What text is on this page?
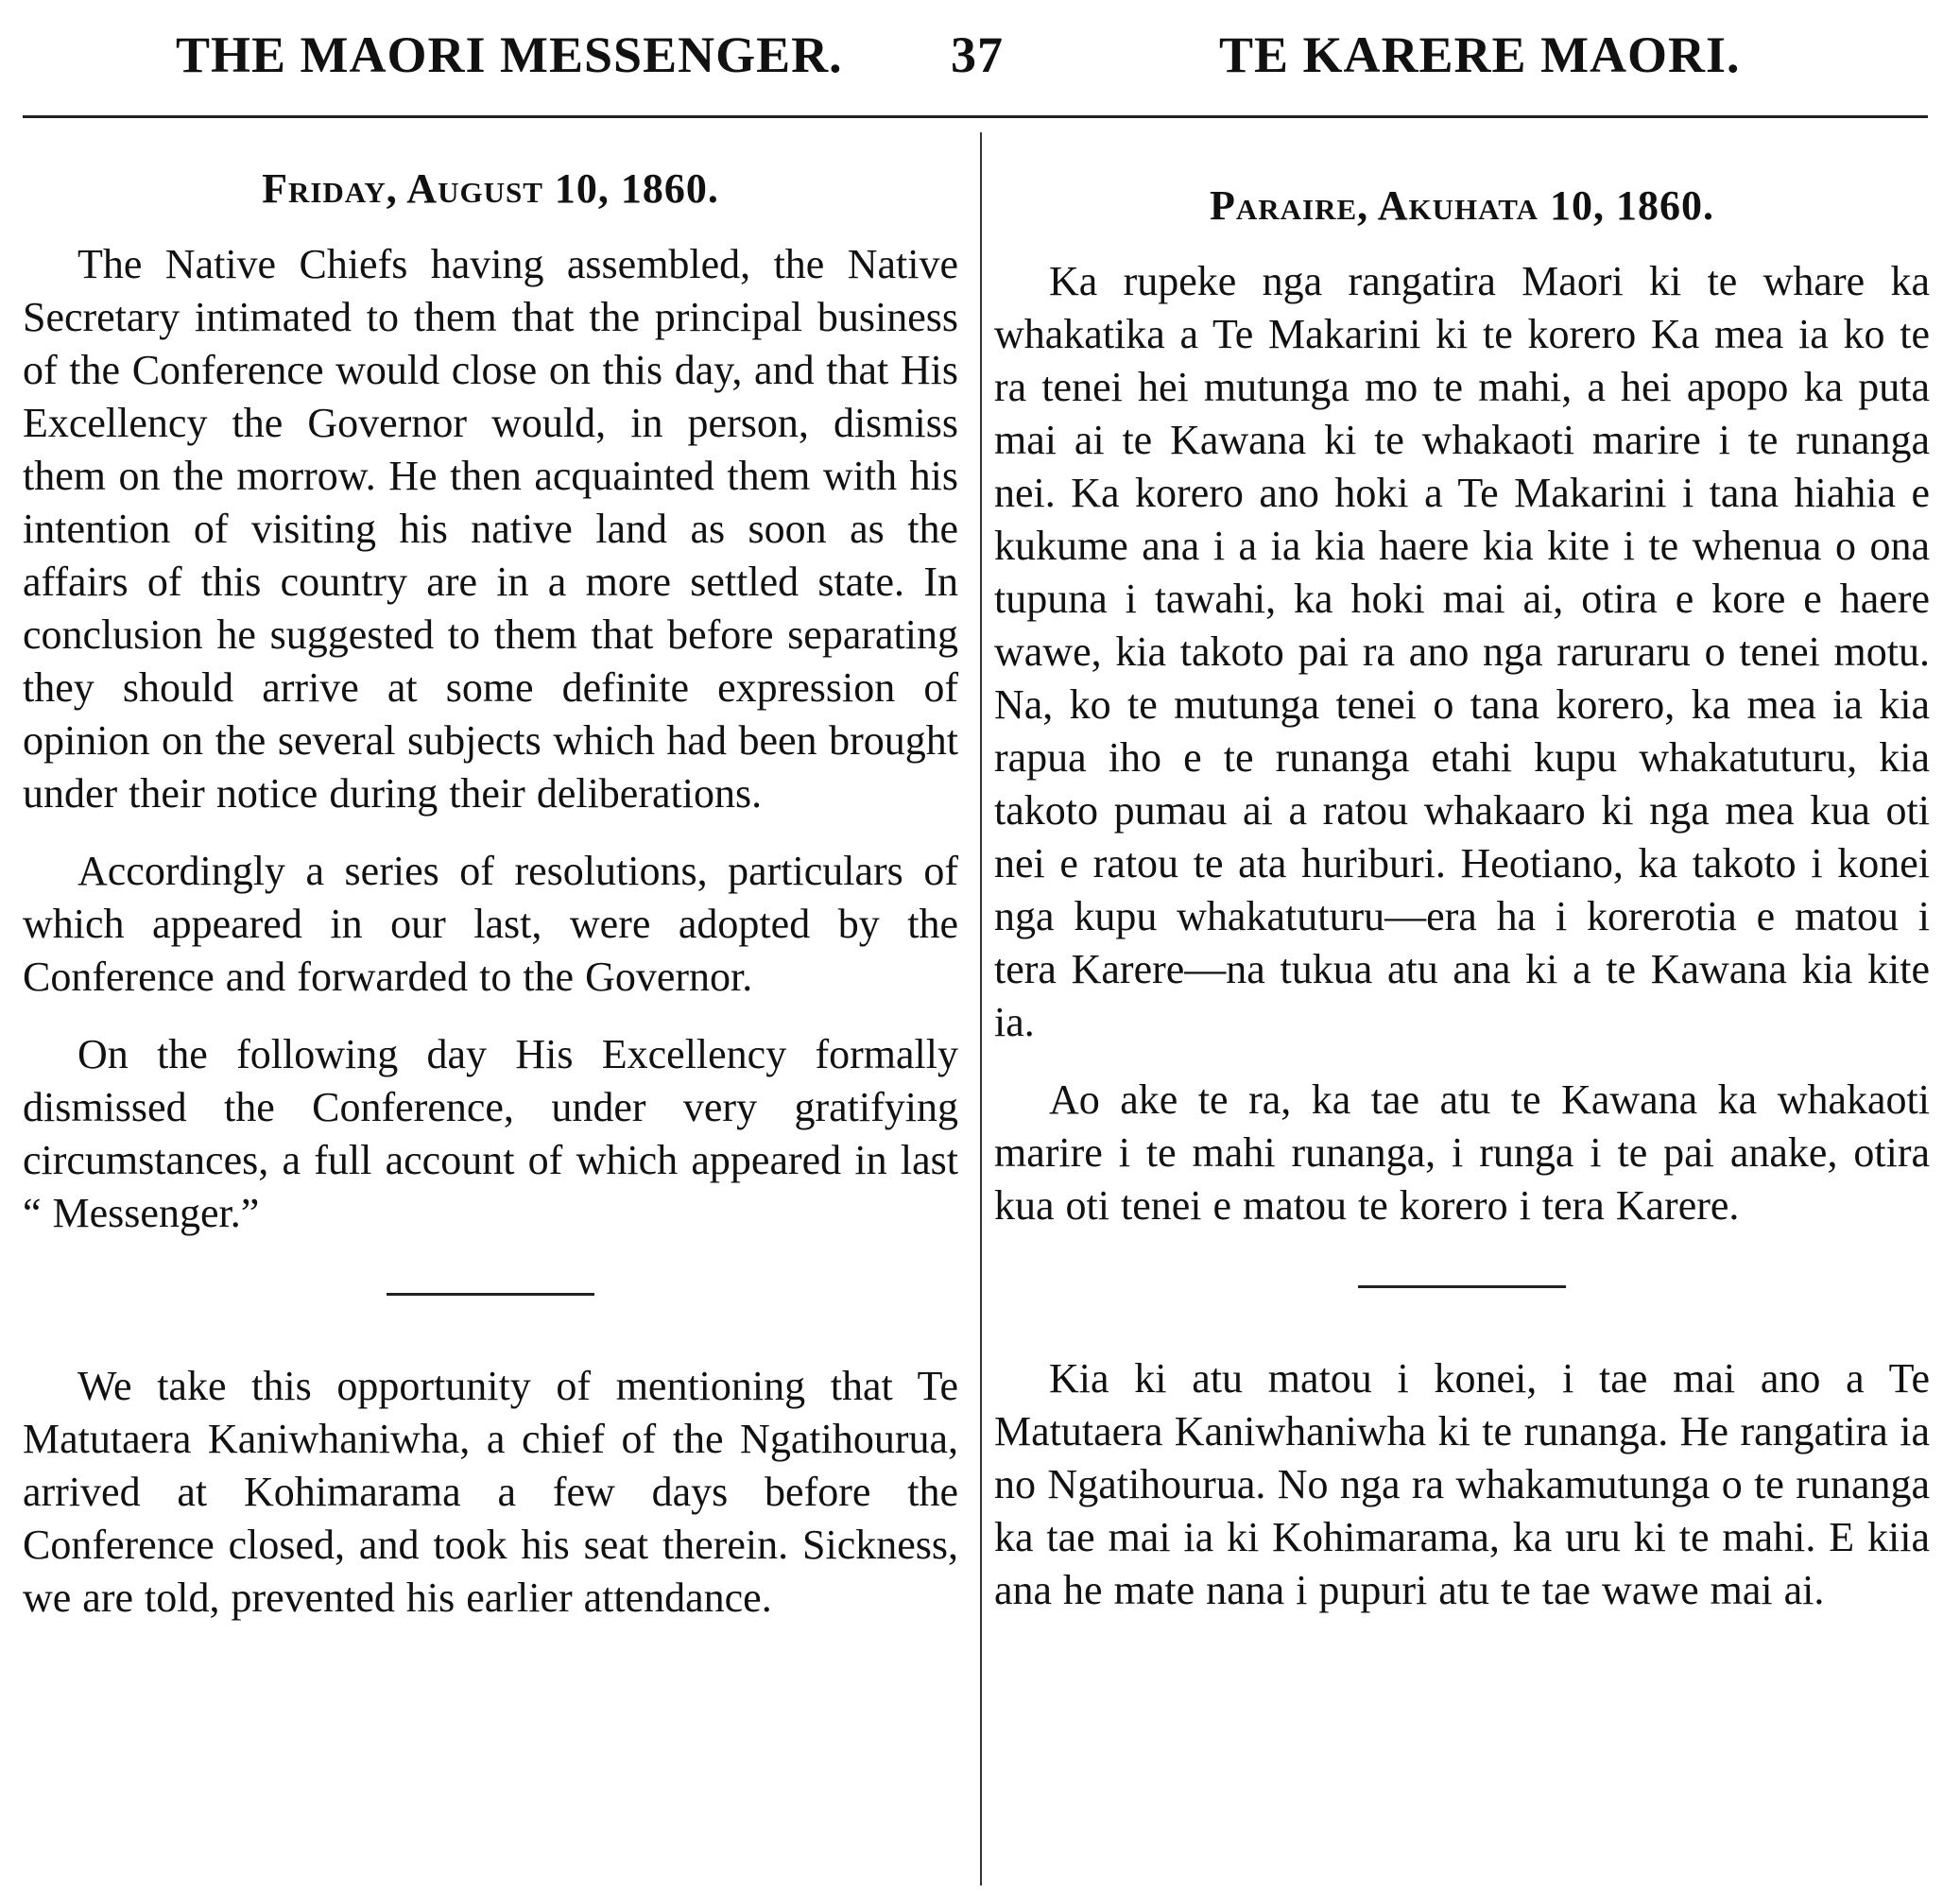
THE MAORI MESSENGER. 37	TE KARERE MAORI.
Friday, August 10, 1860.

The Native Chiefs having assembled, the Native Secretary intimated to them that the principal business of the Conference would close on this day, and that His Excellency the Governor would, in person, dismiss them on the morrow. He then acquainted them with his intention of visiting his native land as soon as the affairs of this country are in a more settled state. In conclusion he suggested to them that before separating they should arrive at some definite expression of opinion on the several subjects which had been brought under their notice during their deliberations.

Accordingly a series of resolutions, particulars of which appeared in our last, were adopted by the Conference and forwarded to the Governor.

On the following day His Excellency formally dismissed the Conference, under very gratifying circumstances, a full account of which appeared in last “ Messenger.”

We take this opportunity of mentioning that Te Matutaera Kaniwhaniwha, a chief of the Ngatihourua, arrived at Kohimarama a few days before the Conference closed, and took his seat therein. Sickness, we are told, prevented his earlier attendance.

Paraire, Akuhata 10, 1860.

Ka rupeke nga rangatira Maori ki te whare ka whakatika a Te Makarini ki te korero Ka mea ia ko te ra tenei hei mutunga mo te mahi, a hei apopo ka puta mai ai te Kawana ki te whakaoti marire i te runanga nei. Ka korero ano hoki a Te Makarini i tana hiahia e kukume ana i a ia kia haere kia kite i te whenua o ona tupuna i tawahi, ka hoki mai ai, otira e kore e haere wawe, kia takoto pai ra ano nga raruraru o tenei motu. Na, ko te mutunga tenei o tana korero, ka mea ia kia rapua iho e te runanga etahi kupu whakatuturu, kia takoto pumau ai a ratou whakaaro ki nga mea kua oti nei e ratou te ata huriburi. Heotiano, ka takoto i konei nga kupu whakatuturu—era ha i korerotia e matou i tera Karere—na tukua atu ana ki a te Kawana kia kite ia.

Ao ake te ra, ka tae atu te Kawana ka whakaoti marire i te mahi runanga, i runga i te pai anake, otira kua oti tenei e matou te korero i tera Karere.

Kia ki atu matou i konei, i tae mai ano a Te Matutaera Kaniwhaniwha ki te runanga. He rangatira ia no Ngatihourua. No nga ra whakamutunga o te runanga ka tae mai ia ki Kohimarama, ka uru ki te mahi. E kiia ana he mate nana i pupuri atu te tae wawe mai ai.
